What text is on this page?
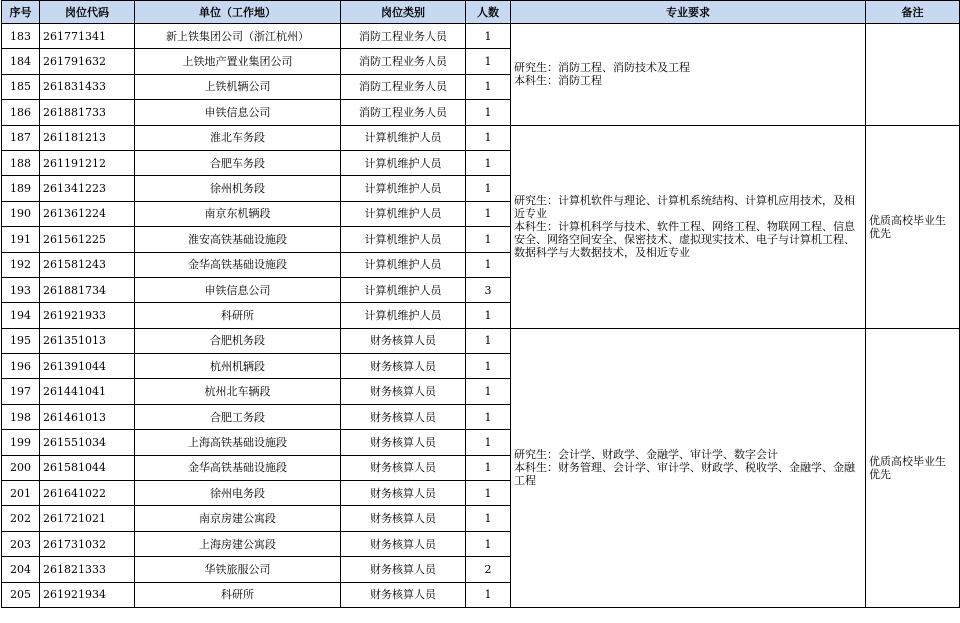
序号	岗位代码	单位（工作地）	岗位类别	人数	专业要求	备注
183	261771341	新上铁集团公司（浙江杭州）	消防工程业务人员	1	研究生：消防工程、消防技术及工程
本科生：消防工程	
184	261791632	上铁地产置业集团公司	消防工程业务人员	1		
185	261831433	上铁机辆公司	消防工程业务人员	1		
186	261881733	申铁信息公司	消防工程业务人员	1		
187	261181213	淮北车务段	计算机维护人员	1	研究生：计算机软件与理论、计算机系统结构、计算机应用技术，及相近专业
本科生：计算机科学与技术、软件工程、网络工程、物联网工程、信息安全、网络空间安全、保密技术、虚拟现实技术、电子与计算机工程、数据科学与大数据技术，及相近专业	优质高校毕业生优先
188	261191212	合肥车务段	计算机维护人员	1		
189	261341223	徐州机务段	计算机维护人员	1		
190	261361224	南京东机辆段	计算机维护人员	1		
191	261561225	淮安高铁基础设施段	计算机维护人员	1		
192	261581243	金华高铁基础设施段	计算机维护人员	1		
193	261881734	申铁信息公司	计算机维护人员	3		
194	261921933	科研所	计算机维护人员	1		
195	261351013	合肥机务段	财务核算人员	1	研究生：会计学、财政学、金融学、审计学、数字会计
本科生：财务管理、会计学、审计学、财政学、税收学、金融学、金融工程	优质高校毕业生优先
196	261391044	杭州机辆段	财务核算人员	1		
197	261441041	杭州北车辆段	财务核算人员	1		
198	261461013	合肥工务段	财务核算人员	1		
199	261551034	上海高铁基础设施段	财务核算人员	1		
200	261581044	金华高铁基础设施段	财务核算人员	1		
201	261641022	徐州电务段	财务核算人员	1		
202	261721021	南京房建公寓段	财务核算人员	1		
203	261731032	上海房建公寓段	财务核算人员	1		
204	261821333	华铁旅服公司	财务核算人员	2		
205	261921934	科研所	财务核算人员	1		
